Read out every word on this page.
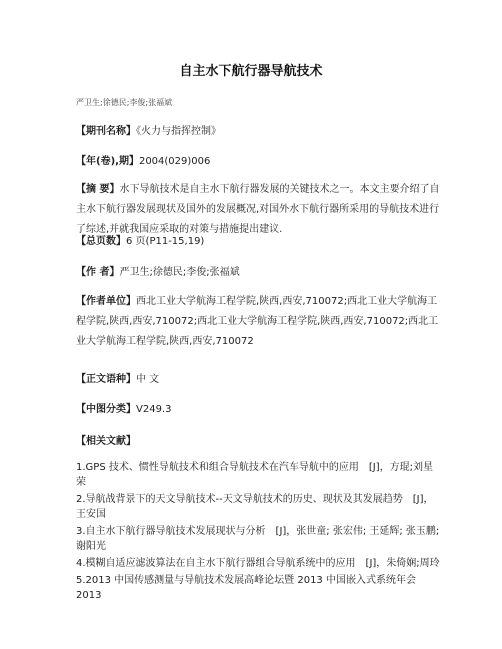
自主水下航行器导航技术
严卫生;徐德民;李俊;张福斌
【期刊名称】《火力与指挥控制》
【年(卷),期】2004(029)006
【摘 要】水下导航技术是自主水下航行器发展的关键技术之一。本文主要介绍了自主水下航行器发展现状及国外的发展概况,对国外水下航行器所采用的导航技术进行了综述,并就我国应采取的对策与措施提出建议.
【总页数】6 页(P11-15,19)
【作 者】严卫生;徐德民;李俊;张福斌
【作者单位】西北工业大学航海工程学院,陕西,西安,710072;西北工业大学航海工程学院,陕西,西安,710072;西北工业大学航海工程学院,陕西,西安,710072;西北工业大学航海工程学院,陕西,西安,710072
【正文语种】中 文
【中图分类】V249.3
【相关文献】
1.GPS 技术、惯性导航技术和组合导航技术在汽车导航中的应用　[J]，方琨;刘星荣
2.导航战背景下的天文导航技术--天文导航技术的历史、现状及其发展趋势　[J]，王安国
3.自主水下航行器导航技术发展现状与分析　[J]，张世童; 张宏伟; 王延辉; 张玉鹏; 谢阳光
4.模糊自适应滤波算法在自主水下航行器组合导航系统中的应用　[J]，朱倚娴;周玲
5.2013 中国传感测量与导航技术发展高峰论坛暨 2013 中国嵌入式系统年会 2013
